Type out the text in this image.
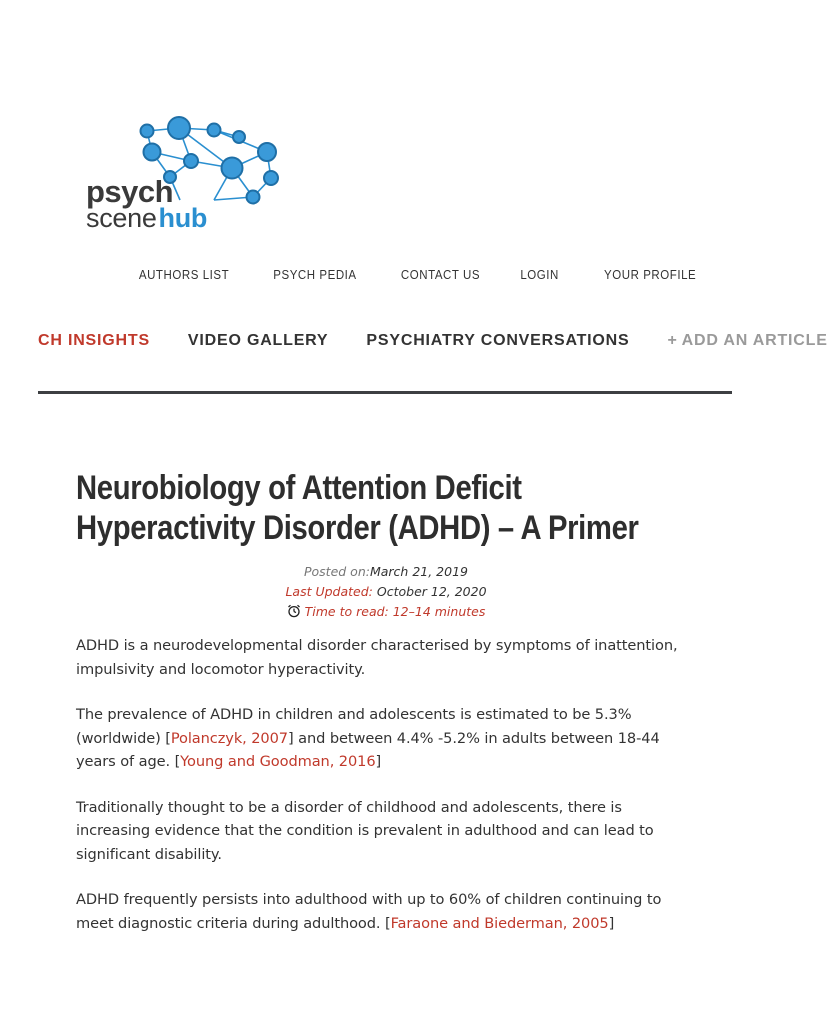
psych
scene hub
AUTHORS LIST	PSYCH PEDIA	CONTACT US	LOGIN	YOUR PROFILE
CH INSIGHTS VIDEO GALLERY PSYCHIATRY CONVERSATIONS + ADD AN ARTICLE
Neurobiology of Attention Deficit
Hyperactivity Disorder (ADHD) – A Primer
Posted on:March 21, 2019
Last Updated: October 12, 2020
Time to read: 12–14 minutes

ADHD is a neurodevelopmental disorder characterised by symptoms of inattention, impulsivity and locomotor hyperactivity.

The prevalence of ADHD in children and adolescents is estimated to be 5.3% (worldwide) [Polanczyk, 2007] and between 4.4% -5.2% in adults between 18-44 years of age. [Young and Goodman, 2016]

Traditionally thought to be a disorder of childhood and adolescents, there is increasing evidence that the condition is prevalent in adulthood and can lead to significant disability.

ADHD frequently persists into adulthood with up to 60% of children continuing to meet diagnostic criteria during adulthood. [Faraone and Biederman, 2005]
